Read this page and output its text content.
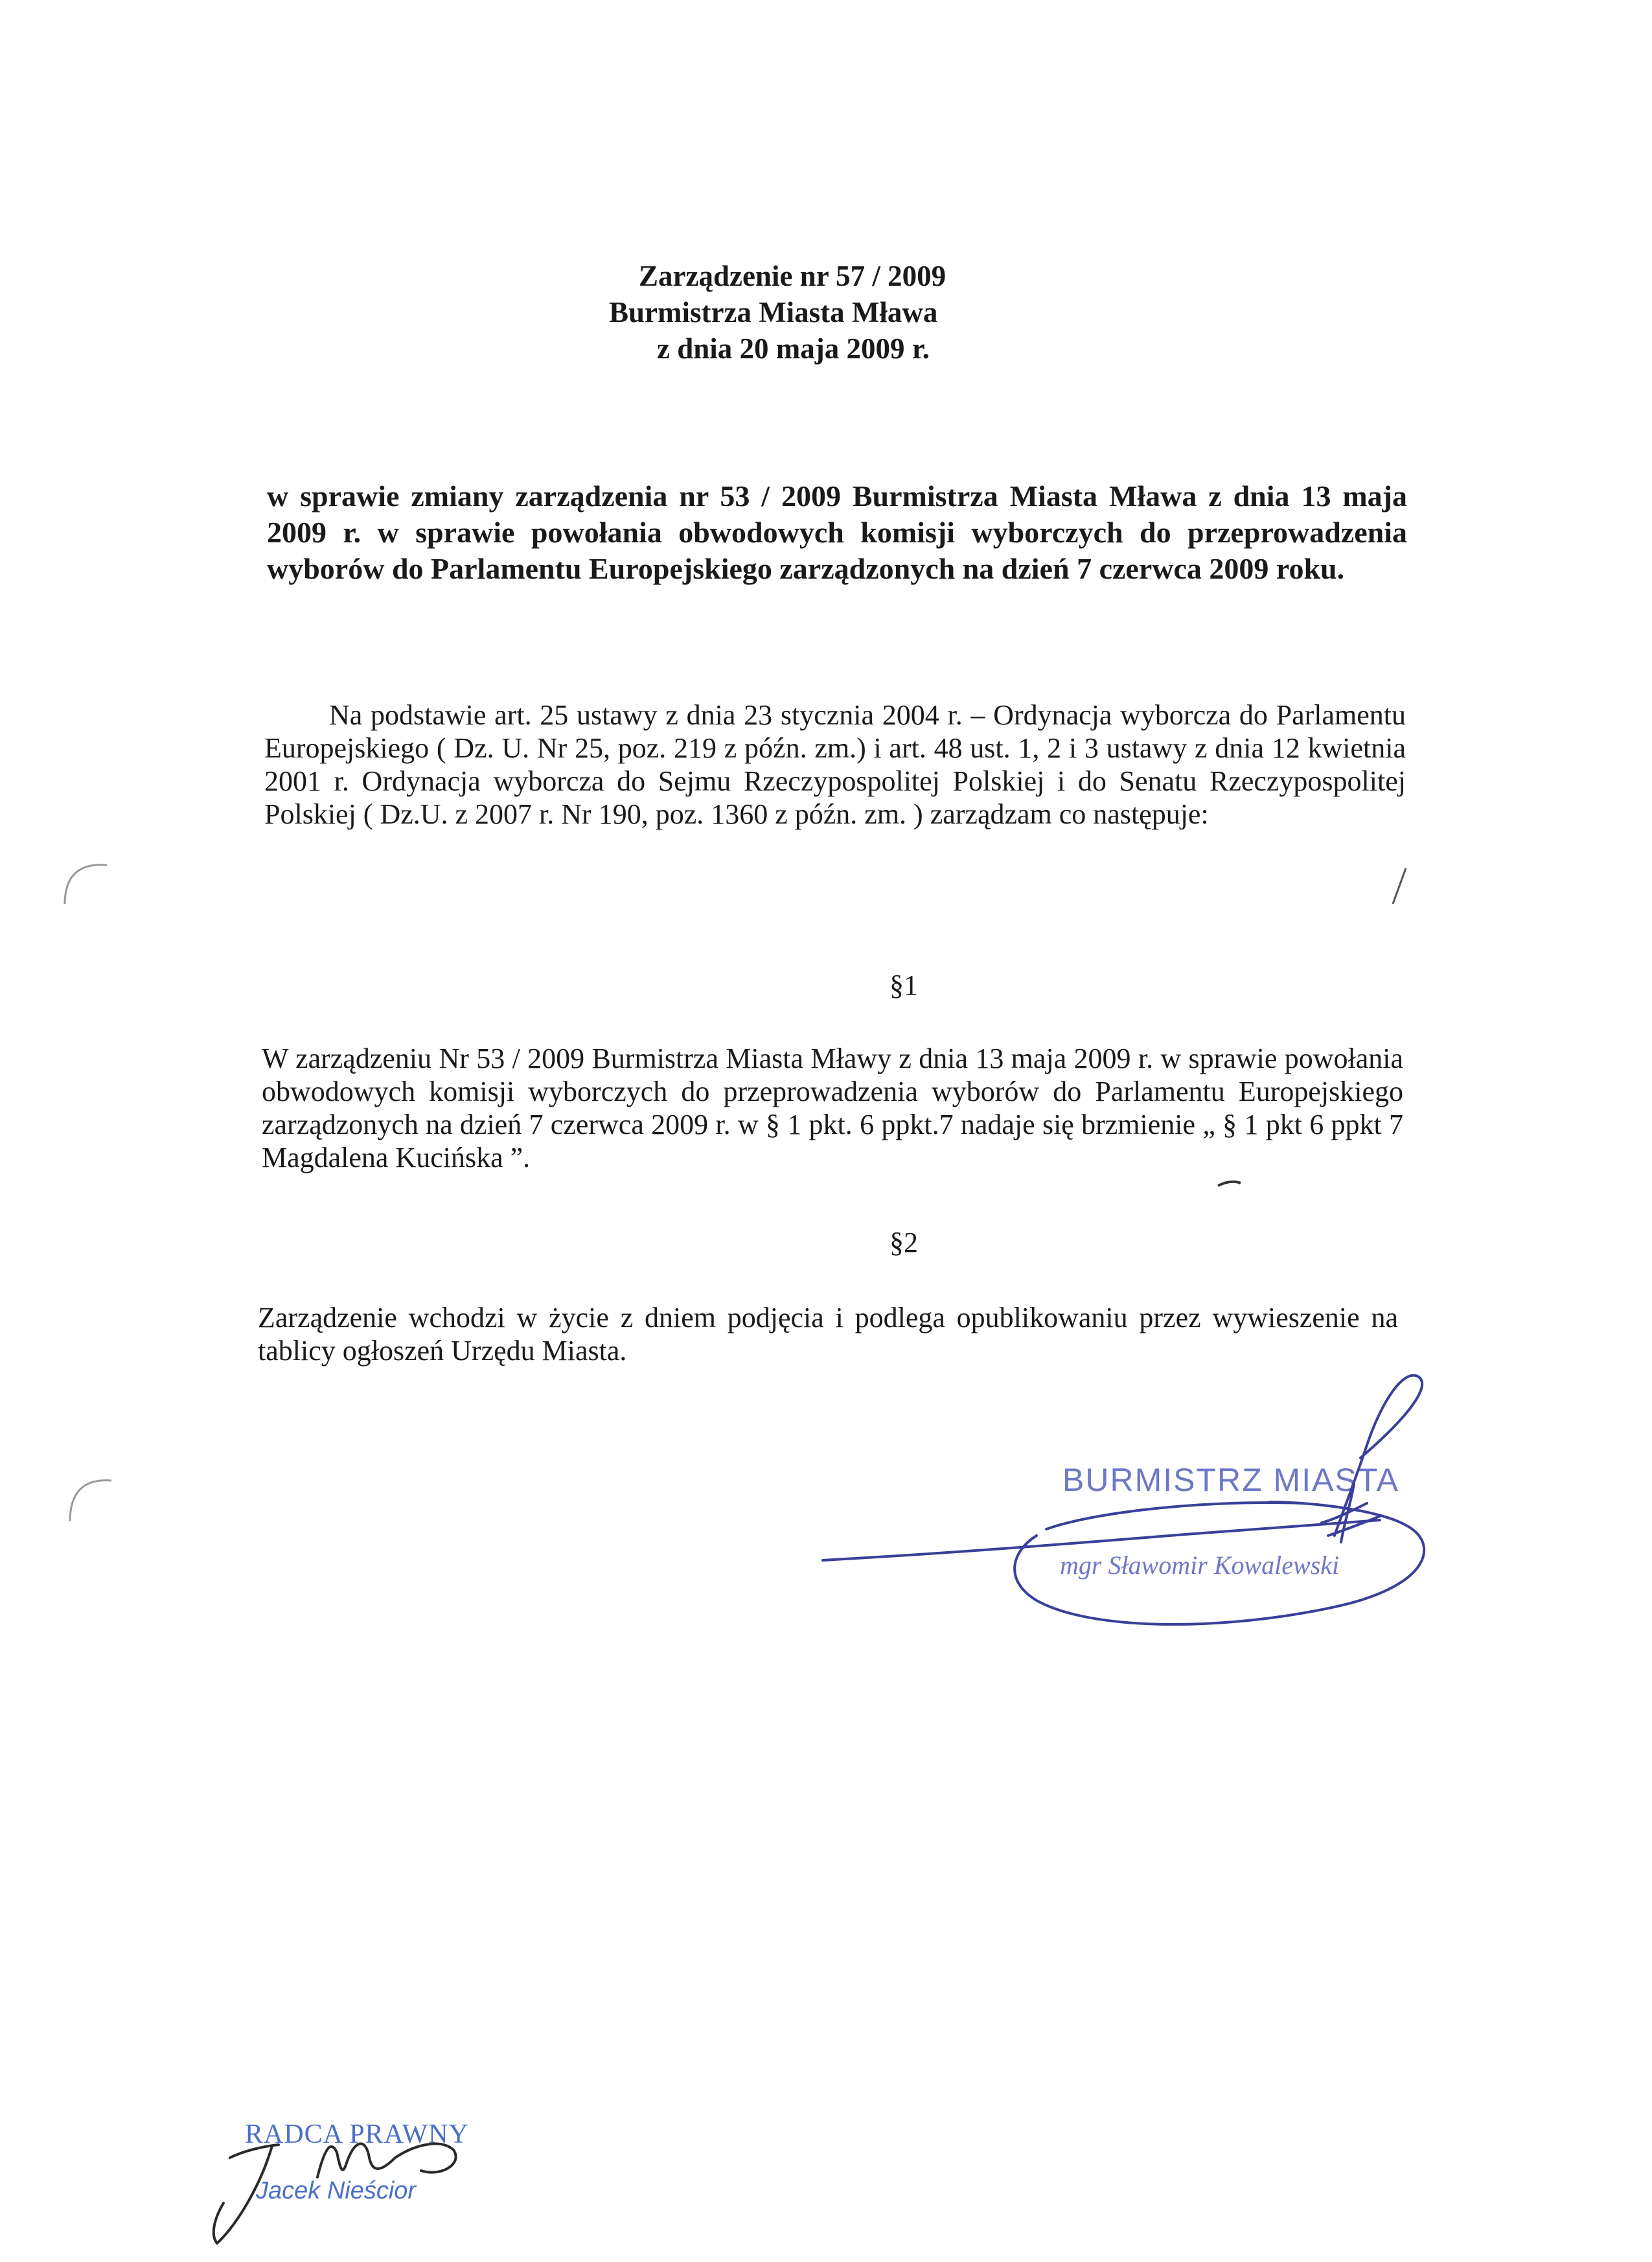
Zarządzenie nr 57 / 2009
Burmistrza Miasta Mława
z dnia 20 maja 2009 r.
w sprawie zmiany zarządzenia nr 53 / 2009 Burmistrza Miasta Mława z dnia 13 maja 2009 r. w sprawie powołania obwodowych komisji wyborczych do przeprowadzenia wyborów do Parlamentu Europejskiego zarządzonych na dzień 7 czerwca 2009 roku.
Na podstawie art. 25 ustawy z dnia 23 stycznia 2004 r. – Ordynacja wyborcza do Parlamentu Europejskiego ( Dz. U. Nr 25, poz. 219 z późn. zm.) i art. 48 ust. 1, 2 i 3 ustawy z dnia 12 kwietnia 2001 r. Ordynacja wyborcza do Sejmu Rzeczypospolitej Polskiej i do Senatu Rzeczypospolitej Polskiej ( Dz.U. z 2007 r. Nr 190, poz. 1360 z późn. zm. ) zarządzam co następuje:
§1
W zarządzeniu Nr 53 / 2009 Burmistrza Miasta Mławy z dnia 13 maja 2009 r. w sprawie powołania obwodowych komisji wyborczych do przeprowadzenia wyborów do Parlamentu Europejskiego zarządzonych na dzień 7 czerwca 2009 r. w § 1 pkt. 6 ppkt.7 nadaje się brzmienie „ § 1 pkt 6 ppkt 7 Magdalena Kucińska ”.
§2
Zarządzenie wchodzi w życie z dniem podjęcia i podlega opublikowaniu przez wywieszenie na tablicy ogłoszeń Urzędu Miasta.
BURMISTRZ MIASTA
mgr Sławomir Kowalewski
RADCA PRAWNY
Jacek Nieścior
